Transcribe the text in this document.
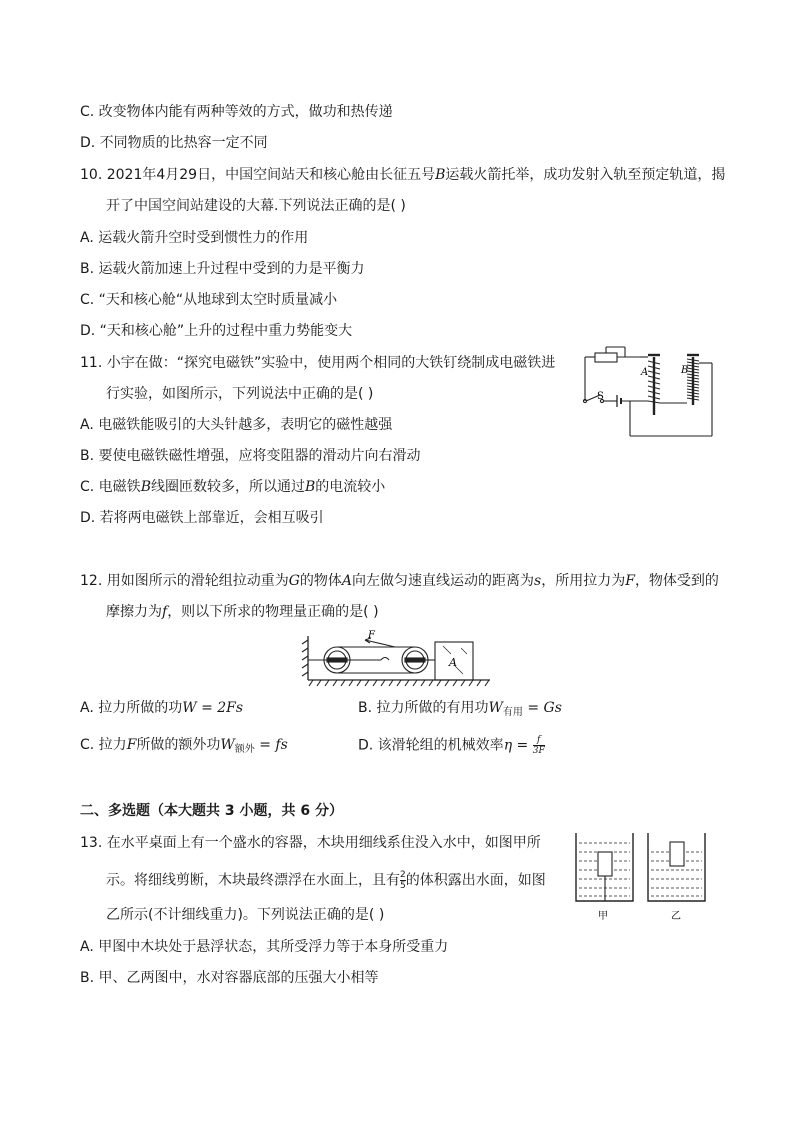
C. 改变物体内能有两种等效的方式，做功和热传递
D. 不同物质的比热容一定不同
10. 2021年4月29日，中国空间站天和核心舱由长征五号B运载火箭托举，成功发射入轨至预定轨道，揭
开了中国空间站建设的大幕.下列说法正确的是( )
A. 运载火箭升空时受到惯性力的作用
B. 运载火箭加速上升过程中受到的力是平衡力
C. “天和核心舱“从地球到太空时质量减小
D. “天和核心舱”上升的过程中重力势能变大
11. 小宇在做：“探究电磁铁”实验中，使用两个相同的大铁钉绕制成电磁铁进
行实验，如图所示，下列说法中正确的是( )
A. 电磁铁能吸引的大头针越多，表明它的磁性越强
B. 要使电磁铁磁性增强，应将变阻器的滑动片向右滑动
C. 电磁铁B线圈匝数较多，所以通过B的电流较小
D. 若将两电磁铁上部靠近，会相互吸引
A	B
S
12. 用如图所示的滑轮组拉动重为G的物体A向左做匀速直线运动的距离为s，所用拉力为F，物体受到的
摩擦力为f，则以下所求的物理量正确的是( )
F
A
A. 拉力所做的功W = 2Fs	B. 拉力所做的有用功$W_{有用} = Gs$
C. 拉力F所做的额外功$W_{额外}$ = fs	D. 该滑轮组的机械效率$\eta = \frac{f}{3F}$
二、多选题（本大题共 3 小题，共 6 分）
13. 在水平桌面上有一个盛水的容器，木块用细线系住没入水中，如图甲所
示。将细线剪断，木块最终漂浮在水面上，且有 $\frac{2}{5}$ 的体积露出水面，如图
乙所示(不计细线重力)。下列说法正确的是( )
A. 甲图中木块处于悬浮状态，其所受浮力等于本身所受重力
B. 甲、乙两图中，水对容器底部的压强大小相等
甲	乙
